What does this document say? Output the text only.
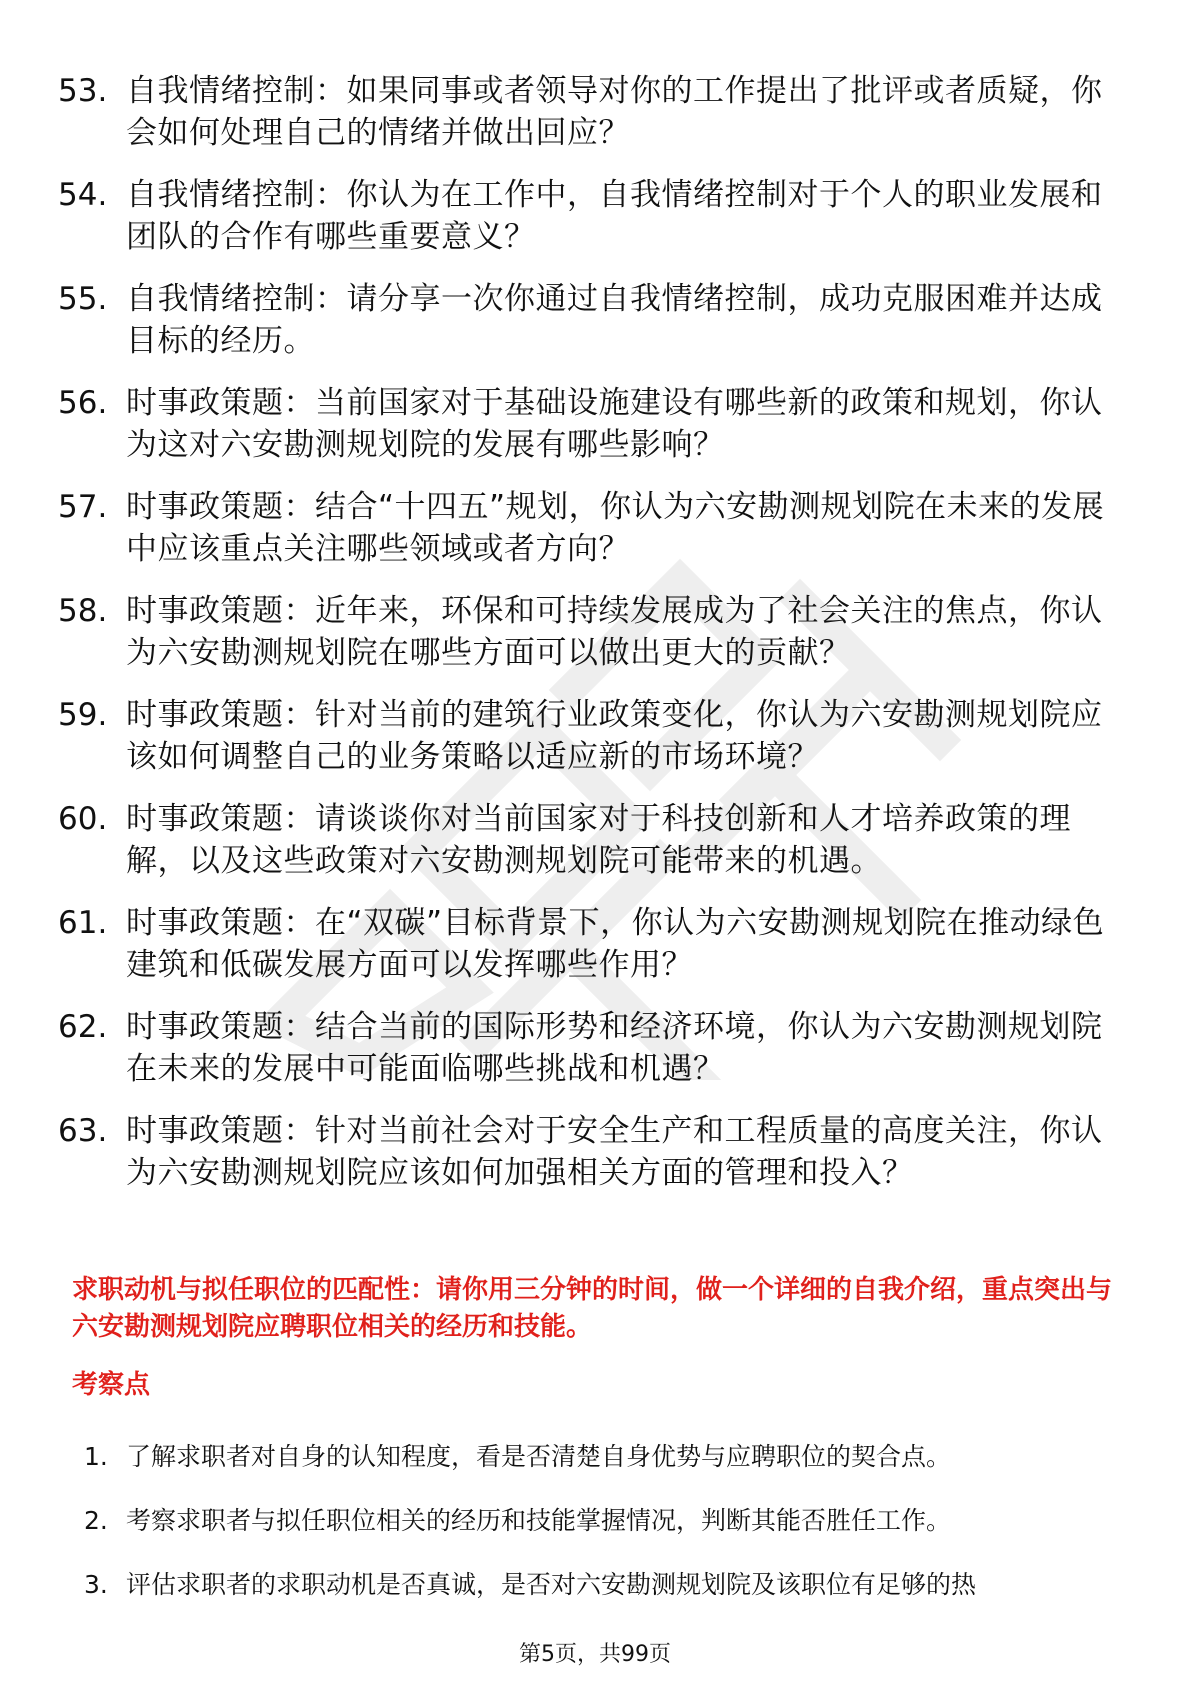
53. 自我情绪控制：如果同事或者领导对你的工作提出了批评或者质疑，你会如何处理自己的情绪并做出回应？
54. 自我情绪控制：你认为在工作中，自我情绪控制对于个人的职业发展和团队的合作有哪些重要意义？
55. 自我情绪控制：请分享一次你通过自我情绪控制，成功克服困难并达成目标的经历。
56. 时事政策题：当前国家对于基础设施建设有哪些新的政策和规划，你认为这对六安勘测规划院的发展有哪些影响？
57. 时事政策题：结合“十四五”规划，你认为六安勘测规划院在未来的发展中应该重点关注哪些领域或者方向？
58. 时事政策题：近年来，环保和可持续发展成为了社会关注的焦点，你认为六安勘测规划院在哪些方面可以做出更大的贡献？
59. 时事政策题：针对当前的建筑行业政策变化，你认为六安勘测规划院应该如何调整自己的业务策略以适应新的市场环境？
60. 时事政策题：请谈谈你对当前国家对于科技创新和人才培养政策的理解，以及这些政策对六安勘测规划院可能带来的机遇。
61. 时事政策题：在“双碳”目标背景下，你认为六安勘测规划院在推动绿色建筑和低碳发展方面可以发挥哪些作用？
62. 时事政策题：结合当前的国际形势和经济环境，你认为六安勘测规划院在未来的发展中可能面临哪些挑战和机遇？
63. 时事政策题：针对当前社会对于安全生产和工程质量的高度关注，你认为六安勘测规划院应该如何加强相关方面的管理和投入？
求职动机与拟任职位的匹配性：请你用三分钟的时间，做一个详细的自我介绍，重点突出与六安勘测规划院应聘职位相关的经历和技能。
考察点
1. 了解求职者对自身的认知程度，看是否清楚自身优势与应聘职位的契合点。
2. 考察求职者与拟任职位相关的经历和技能掌握情况，判断其能否胜任工作。
3. 评估求职者的求职动机是否真诚，是否对六安勘测规划院及该职位有足够的热
第5页，共99页
